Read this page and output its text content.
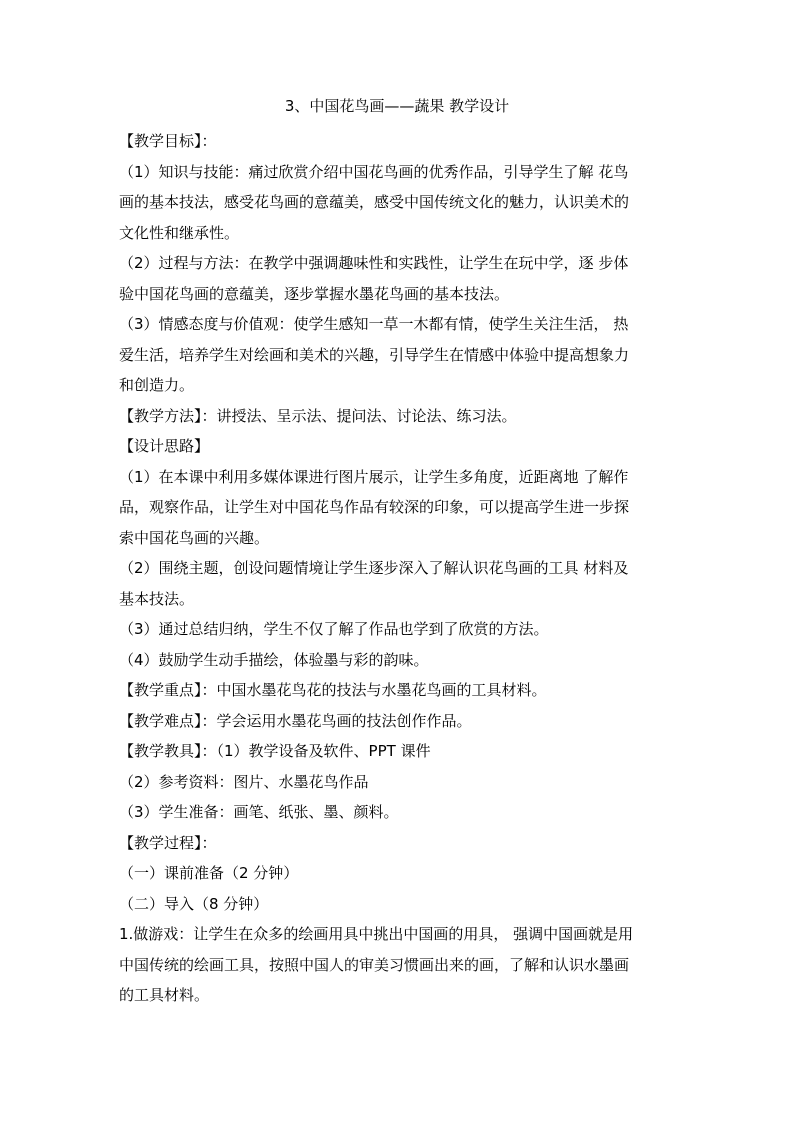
3、中国花鸟画——蔬果 教学设计

【教学目标】：

（1）知识与技能：痛过欣赏介绍中国花鸟画的优秀作品，引导学生了解 花鸟

画的基本技法，感受花鸟画的意蕴美，感受中国传统文化的魅力，认识美术的

文化性和继承性。

（2）过程与方法：在教学中强调趣味性和实践性，让学生在玩中学，逐 步体

验中国花鸟画的意蕴美，逐步掌握水墨花鸟画的基本技法。

（3）情感态度与价值观：使学生感知一草一木都有情，使学生关注生活， 热

爱生活，培养学生对绘画和美术的兴趣，引导学生在情感中体验中提高想象力

和创造力。

【教学方法】：讲授法、呈示法、提问法、讨论法、练习法。

【设计思路】

（1）在本课中利用多媒体课进行图片展示，让学生多角度，近距离地 了解作

品，观察作品，让学生对中国花鸟作品有较深的印象，可以提高学生进一步探

索中国花鸟画的兴趣。

（2）围绕主题，创设问题情境让学生逐步深入了解认识花鸟画的工具 材料及

基本技法。

（3）通过总结归纳，学生不仅了解了作品也学到了欣赏的方法。

（4）鼓励学生动手描绘，体验墨与彩的韵味。

【教学重点】：中国水墨花鸟花的技法与水墨花鸟画的工具材料。

【教学难点】：学会运用水墨花鸟画的技法创作作品。

【教学教具】：（1）教学设备及软件、PPT 课件

（2）参考资料：图片、水墨花鸟作品

（3）学生准备：画笔、纸张、墨、颜料。

【教学过程】：

（一）课前准备（2 分钟）

（二）导入（8 分钟）

1.做游戏：让学生在众多的绘画用具中挑出中国画的用具， 强调中国画就是用

中国传统的绘画工具，按照中国人的审美习惯画出来的画，了解和认识水墨画

的工具材料。
